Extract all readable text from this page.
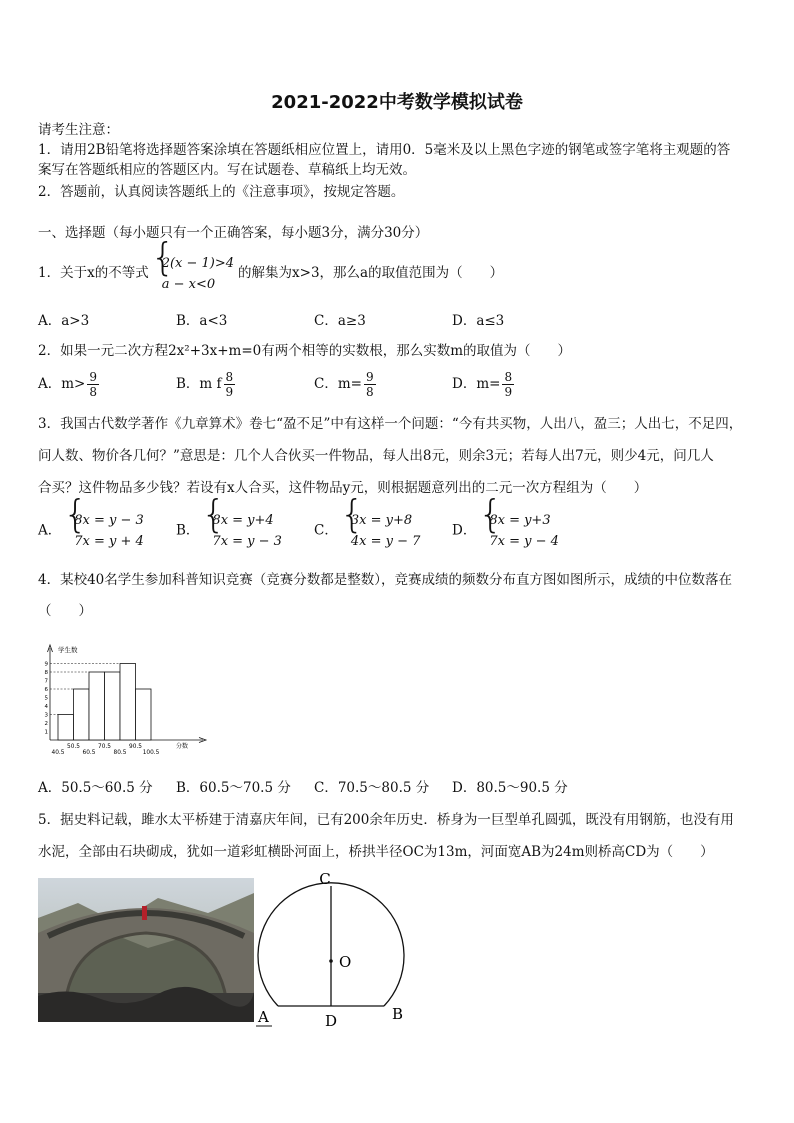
2021-2022中考数学模拟试卷
请考生注意：
1．请用2B铅笔将选择题答案涂填在答题纸相应位置上，请用0．5毫米及以上黑色字迹的钢笔或签字笔将主观题的答
案写在答题纸相应的答题区内。写在试题卷、草稿纸上均无效。
2．答题前，认真阅读答题纸上的《注意事项》，按规定答题。
一、选择题（每小题只有一个正确答案，每小题3分，满分30分）
1．关于x的不等式
{ 2(x − 1)>4
a − x<0
的解集为x>3，那么a的取值范围为（　　）
A．a>3	B．a<3	C．a≥3	D．a≤3
2．如果一元二次方程2x²+3x+m=0有两个相等的实数根，那么实数m的取值为（　　）
A．$m> \frac{9}{8}$	B．m f $\frac{8}{9}$	C．$m= \frac{9}{8}$	D．$m= \frac{8}{9}$
3．我国古代数学著作《九章算术》卷七“盈不足”中有这样一个问题：“今有共买物，人出八，盈三；人出七，不足四，
问人数、物价各几何？”意思是：几个人合伙买一件物品，每人出8元，则余3元；若每人出7元，则少4元，问几人
合买？这件物品多少钱？若设有x人合买，这件物品y元，则根据题意列出的二元一次方程组为（　　）
A．
{ 8x = y − 3
7x = y + 4
B．
{ 8x = y+4
7x = y − 3
C．
{ 3x = y+8
4x = y − 7
D．
{ 8x = y+3
7x = y − 4
4．某校40名学生参加科普知识竞赛（竞赛分数都是整数），竞赛成绩的频数分布直方图如图所示，成绩的中位数落在
（　　）
学生数
1
2
3
4
5
6
7
8
9
40.5
50.5
60.5
70.5
80.5
90.5
100.5
分数
A．50.5～60.5 分 B．60.5～70.5 分 C．70.5～80.5 分 D．80.5～90.5 分
5．据史料记载，雎水太平桥建于清嘉庆年间，已有200余年历史．桥身为一巨型单孔圆弧，既没有用钢筋，也没有用
水泥，全部由石块砌成，犹如一道彩虹横卧河面上，桥拱半径OC为13m，河面宽AB为24m则桥高CD为（　　）
C
O
A	D	B
